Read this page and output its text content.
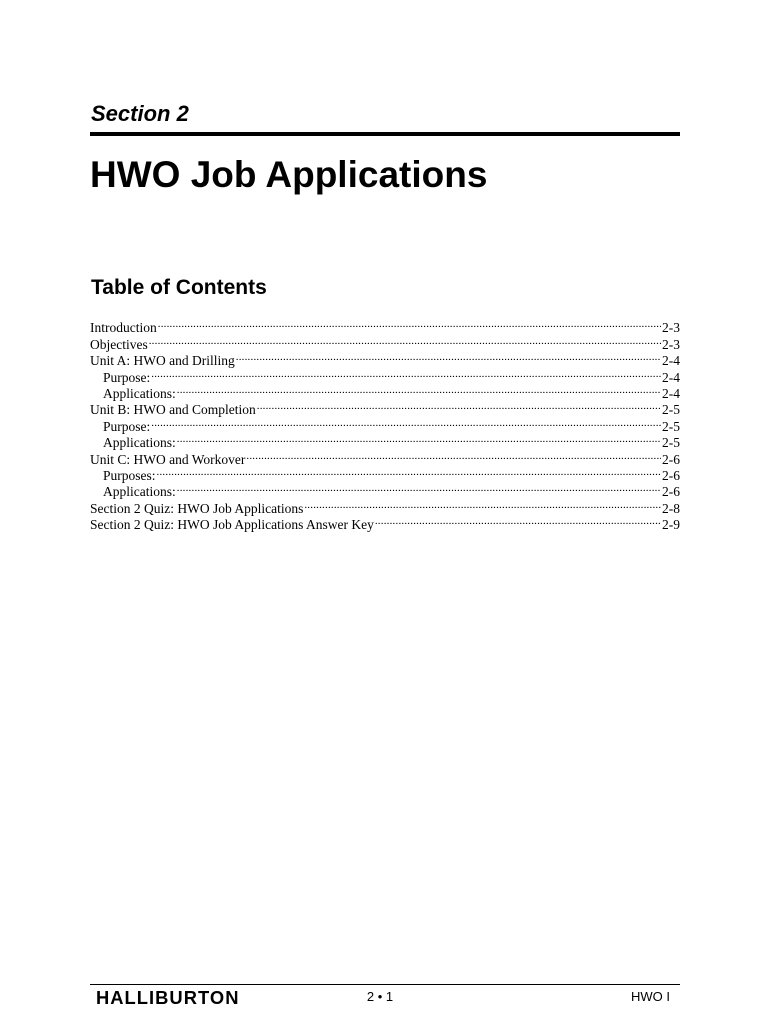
Section 2
HWO Job Applications
Table of Contents
Introduction .....	2-3
Objectives .....	2-3
Unit A: HWO and Drilling .....	2-4
Purpose: .....	2-4
Applications: .....	2-4
Unit B: HWO and Completion .....	2-5
Purpose: .....	2-5
Applications: .....	2-5
Unit C: HWO and Workover .....	2-6
Purposes: .....	2-6
Applications: .....	2-6
Section 2 Quiz: HWO Job Applications .....	2-8
Section 2 Quiz: HWO Job Applications Answer Key .....	2-9
HALLIBURTON	2 • 1	HWO I
